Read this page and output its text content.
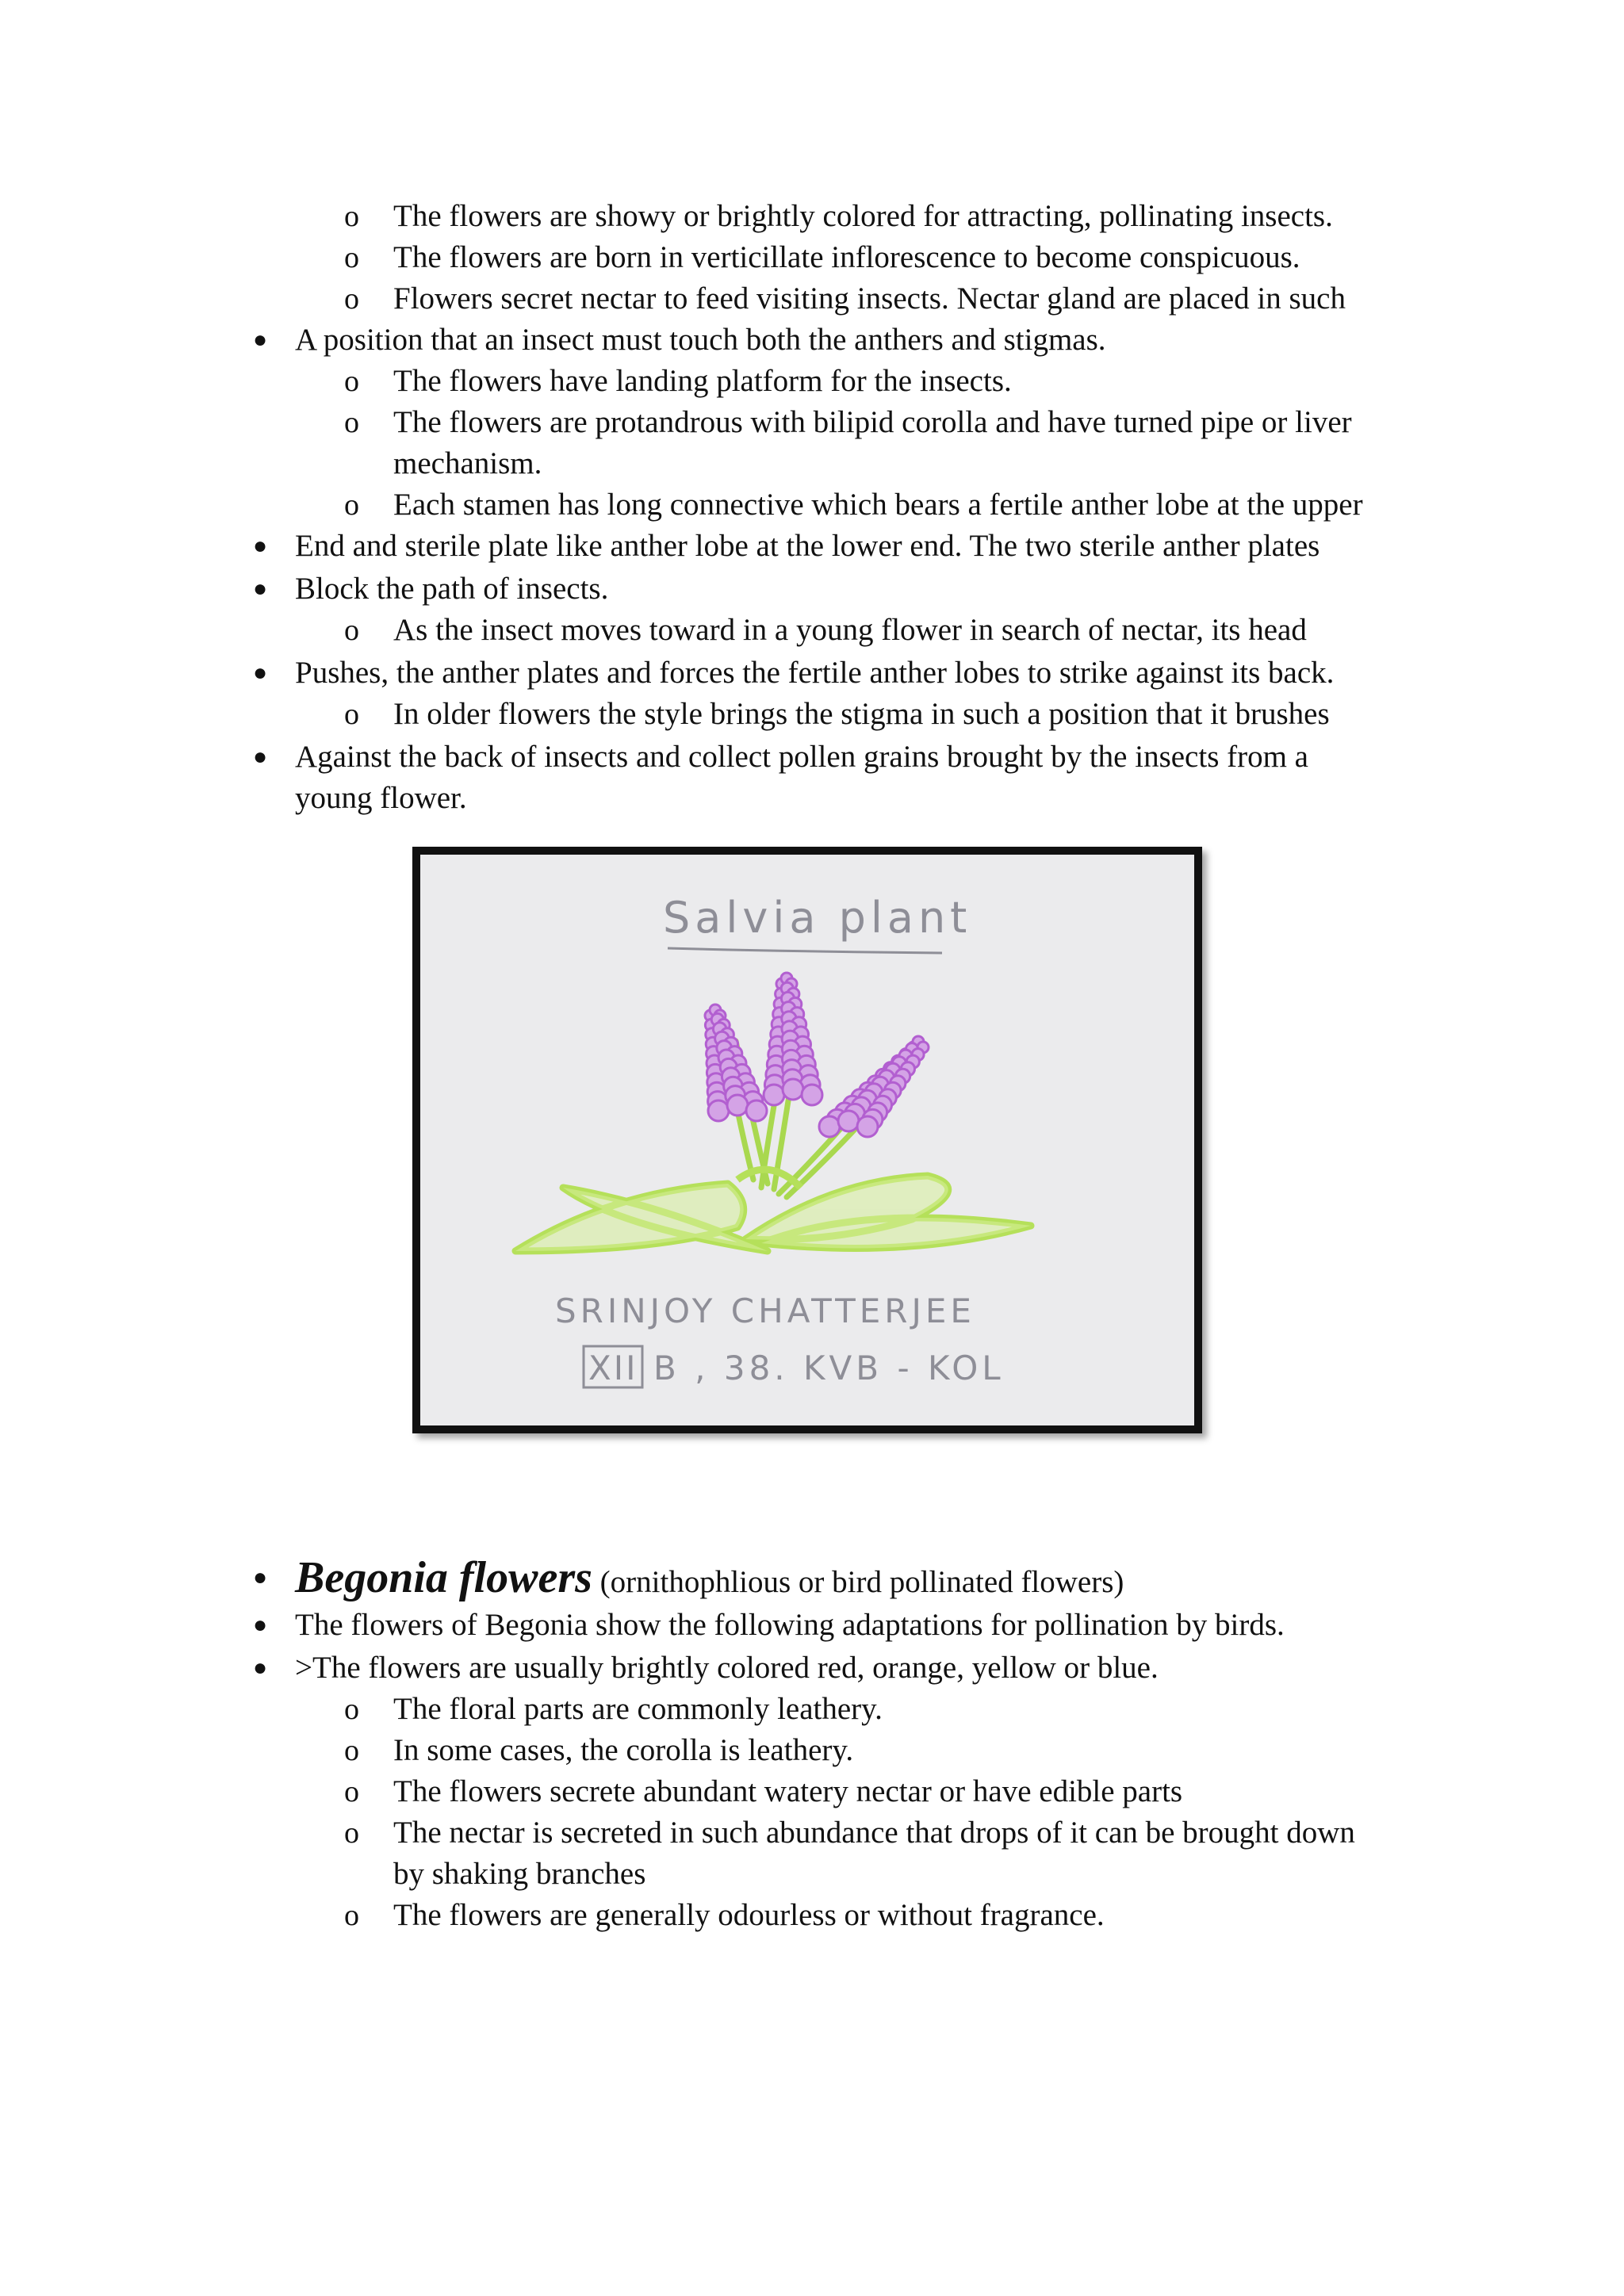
o The flowers are showy or brightly colored for attracting, pollinating insects.
o The flowers are born in verticillate inflorescence to become conspicuous.
o Flowers secret nectar to feed visiting insects. Nectar gland are placed in such
● A position that an insect must touch both the anthers and stigmas.
o The flowers have landing platform for the insects.
o The flowers are protandrous with bilipid corolla and have turned pipe or liver
mechanism.
o Each stamen has long connective which bears a fertile anther lobe at the upper
● End and sterile plate like anther lobe at the lower end. The two sterile anther plates
● Block the path of insects.
o As the insect moves toward in a young flower in search of nectar, its head
● Pushes, the anther plates and forces the fertile anther lobes to strike against its back.
o In older flowers the style brings the stigma in such a position that it brushes
● Against the back of insects and collect pollen grains brought by the insects from a
young flower.
Salvia plant
SRINJOY CHATTERJEE
XII B , 38. KVB - KOL
● Begonia flowers (ornithophlious or bird pollinated flowers)
● The flowers of Begonia show the following adaptations for pollination by birds.
● >The flowers are usually brightly colored red, orange, yellow or blue.
o The floral parts are commonly leathery.
o In some cases, the corolla is leathery.
o The flowers secrete abundant watery nectar or have edible parts
o The nectar is secreted in such abundance that drops of it can be brought down
by shaking branches
o The flowers are generally odourless or without fragrance.
